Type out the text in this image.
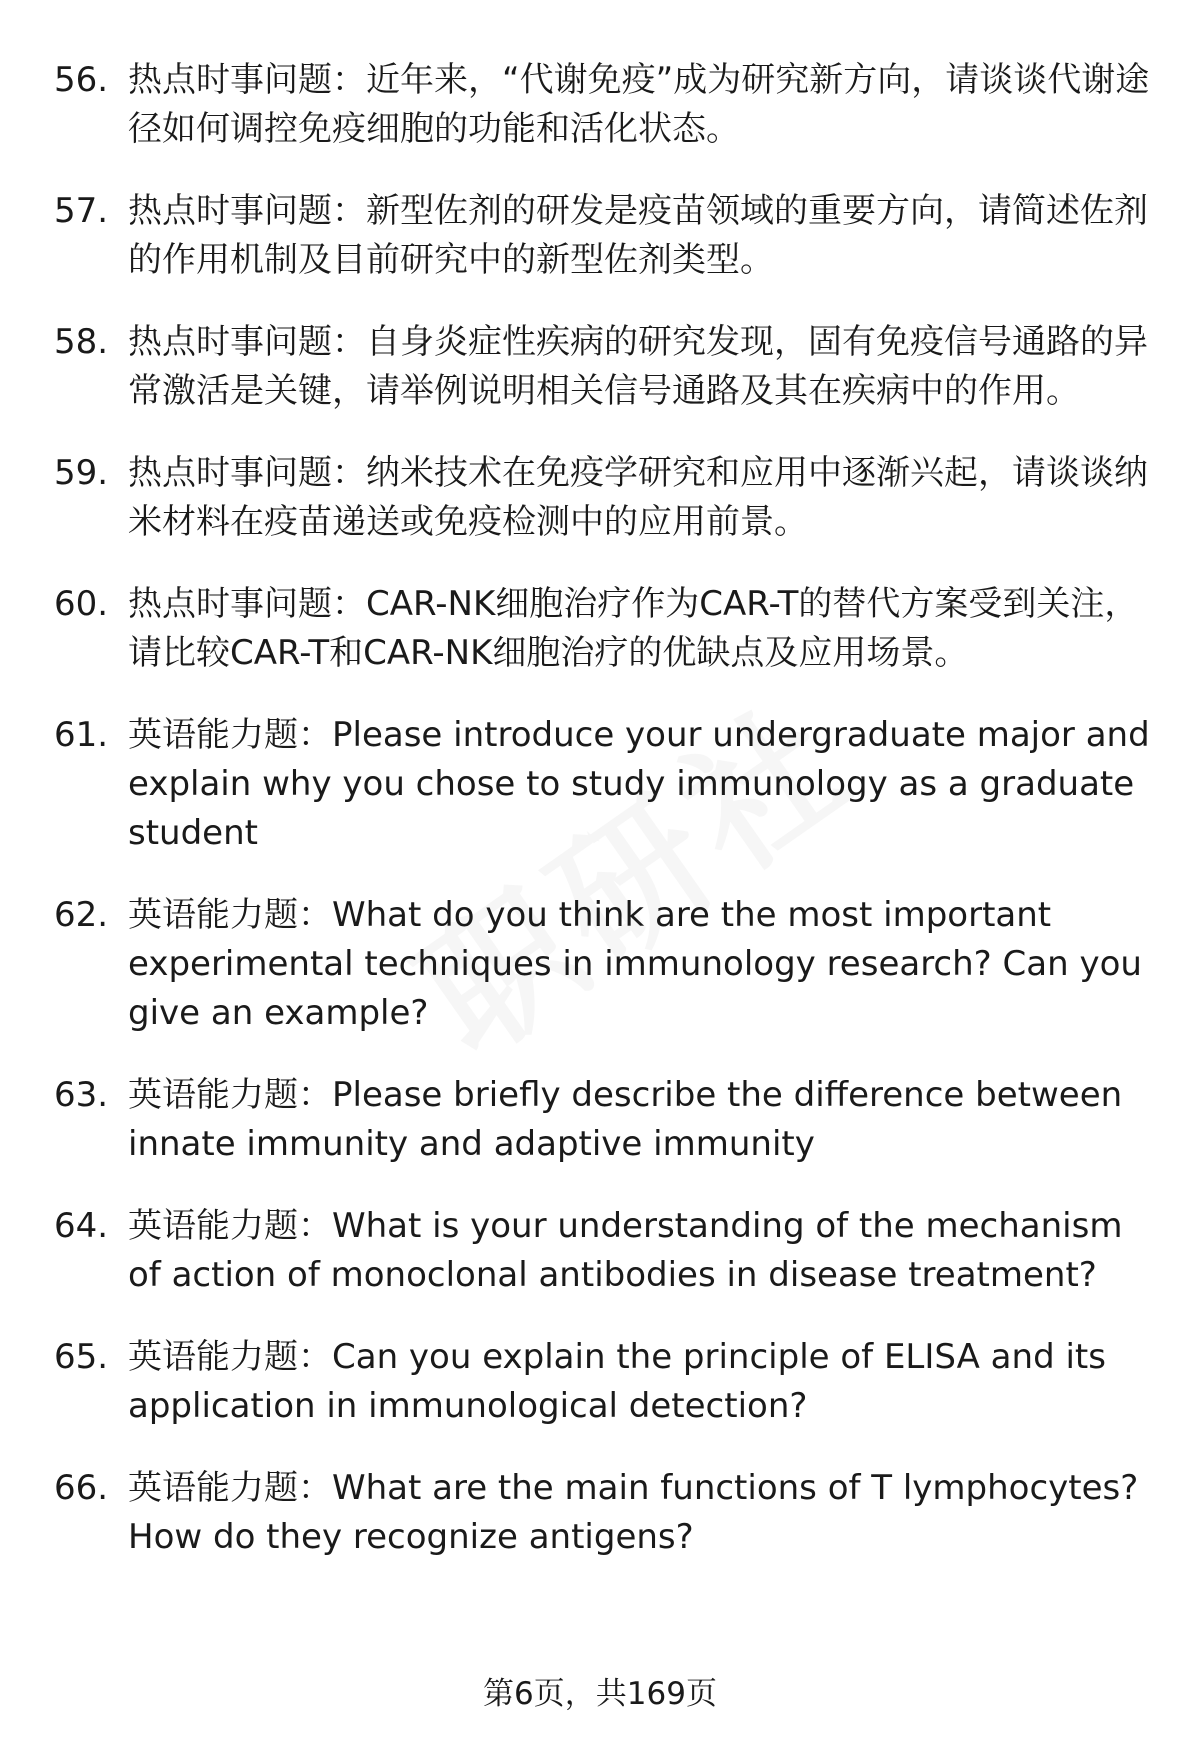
56. 热点时事问题：近年来，“代谢免疫”成为研究新方向，请谈谈代谢途径如何调控免疫细胞的功能和活化状态。
57. 热点时事问题：新型佐剂的研发是疫苗领域的重要方向，请简述佐剂的作用机制及目前研究中的新型佐剂类型。
58. 热点时事问题：自身炎症性疾病的研究发现，固有免疫信号通路的异常激活是关键，请举例说明相关信号通路及其在疾病中的作用。
59. 热点时事问题：纳米技术在免疫学研究和应用中逐渐兴起，请谈谈纳米材料在疫苗递送或免疫检测中的应用前景。
60. 热点时事问题：CAR-NK细胞治疗作为CAR-T的替代方案受到关注，请比较CAR-T和CAR-NK细胞治疗的优缺点及应用场景。
61. 英语能力题：Please introduce your undergraduate major and explain why you chose to study immunology as a graduate student
62. 英语能力题：What do you think are the most important experimental techniques in immunology research? Can you give an example?
63. 英语能力题：Please briefly describe the difference between innate immunity and adaptive immunity
64. 英语能力题：What is your understanding of the mechanism of action of monoclonal antibodies in disease treatment?
65. 英语能力题：Can you explain the principle of ELISA and its application in immunological detection?
66. 英语能力题：What are the main functions of T lymphocytes? How do they recognize antigens?
第6页，共169页
